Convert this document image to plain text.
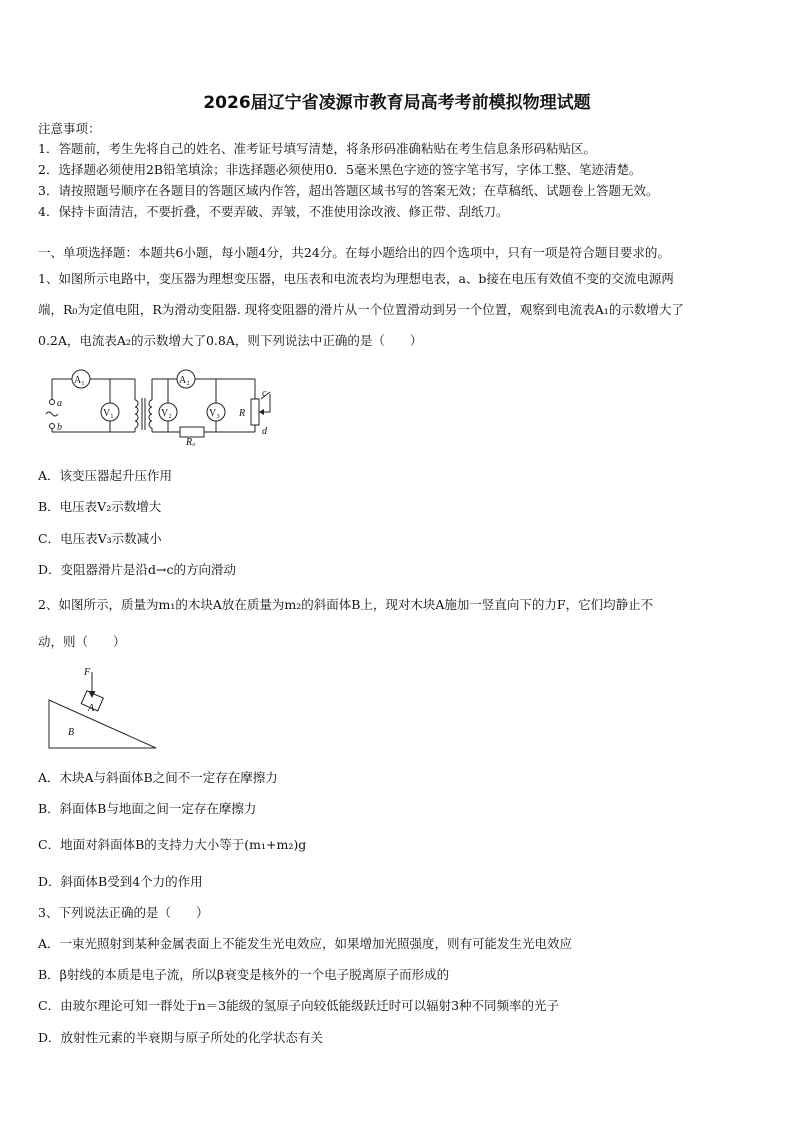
2026届辽宁省凌源市教育局高考考前模拟物理试题
注意事项：
1．答题前，考生先将自己的姓名、准考证号填写清楚，将条形码准确粘贴在考生信息条形码粘贴区。
2．选择题必须使用2B铅笔填涂；非选择题必须使用0．5毫米黑色字迹的签字笔书写，字体工整、笔迹清楚。
3．请按照题号顺序在各题目的答题区域内作答，超出答题区域书写的答案无效；在草稿纸、试题卷上答题无效。
4．保持卡面清洁，不要折叠，不要弄破、弄皱，不准使用涂改液、修正带、刮纸刀。
一、单项选择题：本题共6小题，每小题4分，共24分。在每小题给出的四个选项中，只有一项是符合题目要求的。
1、如图所示电路中，变压器为理想变压器，电压表和电流表均为理想电表，a、b接在电压有效值不变的交流电源两
端，R₀为定值电阻，R为滑动变阻器. 现将变阻器的滑片从一个位置滑动到另一个位置，观察到电流表A₁的示数增大了
0.2A，电流表A₂的示数增大了0.8A，则下列说法中正确的是（　　）
A₁	A₂
V₁	V₂	V₃ R
R₀
a
b
c
d
A．该变压器起升压作用
B．电压表V₂示数增大
C．电压表V₃示数减小
D．变阻器滑片是沿d→c的方向滑动
2、如图所示，质量为m₁的木块A放在质量为m₂的斜面体B上，现对木块A施加一竖直向下的力F，它们均静止不
动，则（　　）
F
A
B
A．木块A与斜面体B之间不一定存在摩擦力
B．斜面体B与地面之间一定存在摩擦力
C．地面对斜面体B的支持力大小等于(m₁+m₂)g
D．斜面体B受到4个力的作用
3、下列说法正确的是（　　）
A．一束光照射到某种金属表面上不能发生光电效应，如果增加光照强度，则有可能发生光电效应
B．β射线的本质是电子流，所以β衰变是核外的一个电子脱离原子而形成的
C．由玻尔理论可知一群处于n＝3能级的氢原子向较低能级跃迁时可以辐射3种不同频率的光子
D．放射性元素的半衰期与原子所处的化学状态有关
